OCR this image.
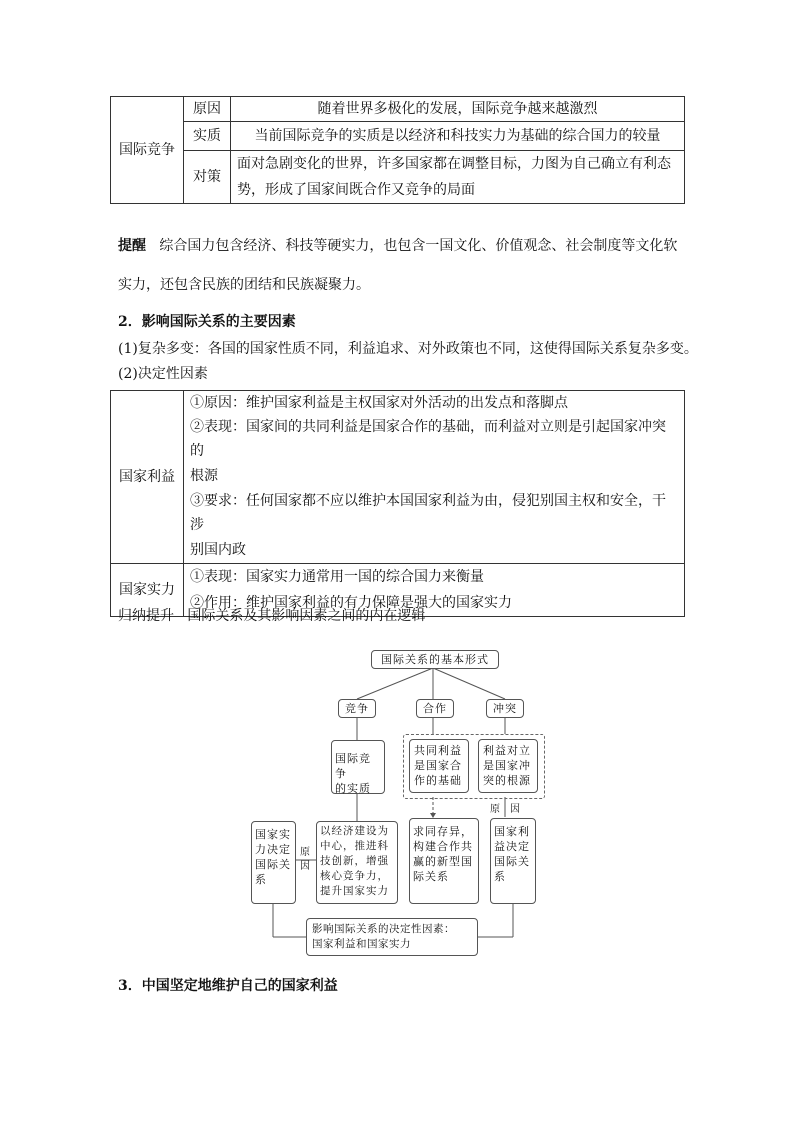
国际竞争	原因	随着世界多极化的发展，国际竞争越来越激烈
	实质	当前国际竞争的实质是以经济和科技实力为基础的综合国力的较量
	对策	面对急剧变化的世界，许多国家都在调整目标，力图为自己确立有利态
		势，形成了国家间既合作又竞争的局面
提醒 综合国力包含经济、科技等硬实力，也包含一国文化、价值观念、社会制度等文化软
实力，还包含民族的团结和民族凝聚力。
2．影响国际关系的主要因素
(1)复杂多变：各国的国家性质不同，利益追求、对外政策也不同，这使得国际关系复杂多变。
(2)决定性因素
国家利益	①原因：维护国家利益是主权国家对外活动的出发点和落脚点
	②表现：国家间的共同利益是国家合作的基础，而利益对立则是引起国家冲突的
	根源
	③要求：任何国家都不应以维护本国国家利益为由，侵犯别国主权和安全，干涉
	别国内政
国家实力	①表现：国家实力通常用一国的综合国力来衡量
	②作用：维护国家利益的有力保障是强大的国家实力
归纳提升 国际关系及其影响因素之间的内在逻辑
国际关系的基本形式
竞争	合作	冲突
国际竞争
的实质
共同利益
是国家合
作的基础
利益对立
是国家冲
突的根源
原　因
国家实
力决定
国际关
系
原
因
以经济建设为
中心，推进科
技创新，增强
核心竞争力，
提升国家实力
求同存异，
构建合作共
赢的新型国
际关系
国家利
益决定
国际关
系
影响国际关系的决定性因素：
国家利益和国家实力
3．中国坚定地维护自己的国家利益
